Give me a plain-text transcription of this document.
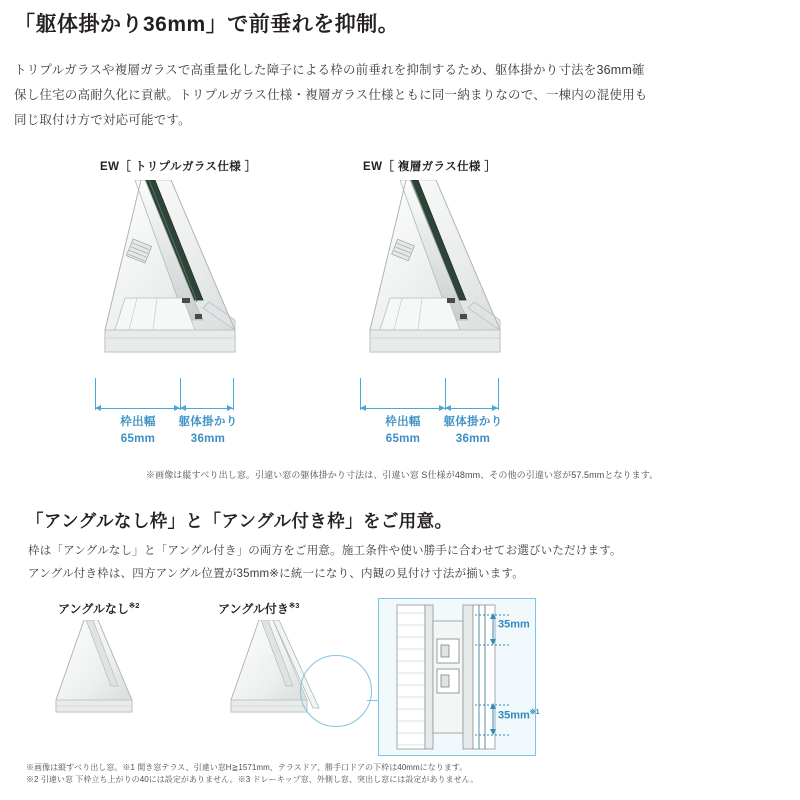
「躯体掛かり36mm」で前垂れを抑制。
トリプルガラスや複層ガラスで高重量化した障子による枠の前垂れを抑制するため、躯体掛かり寸法を36mm確保し住宅の高耐久化に貢献。トリプルガラス仕様・複層ガラス仕様ともに同一納まりなので、一棟内の混使用も同じ取付け方で対応可能です。
EW［ トリプルガラス仕様 ］	EW［ 複層ガラス仕様 ］
枠出幅
65mm
躯体掛かり
36mm
枠出幅
65mm
躯体掛かり
36mm
※画像は縦すべり出し窓。引違い窓の躯体掛かり寸法は、引違い窓 S仕様が48mm、その他の引違い窓が57.5mmとなります。
「アングルなし枠」と「アングル付き枠」をご用意。
枠は「アングルなし」と「アングル付き」の両方をご用意。施工条件や使い勝手に合わせてお選びいただけます。アングル付き枠は、四方アングル位置が35mm※に統一になり、内観の見付け寸法が揃います。
アングルなし$^{※2}$	アングル付き$^{※3}$
35mm
$35mm^{※1}$
※画像は縦すべり出し窓。※1 開き窓テラス、引違い窓H≧1571mm、テラスドア、勝手口ドアの下枠は40mmになります。
※2 引違い窓 下枠立ち上がりの40には設定がありません。※3 ドレーキップ窓、外側し窓、突出し窓には設定がありません。
